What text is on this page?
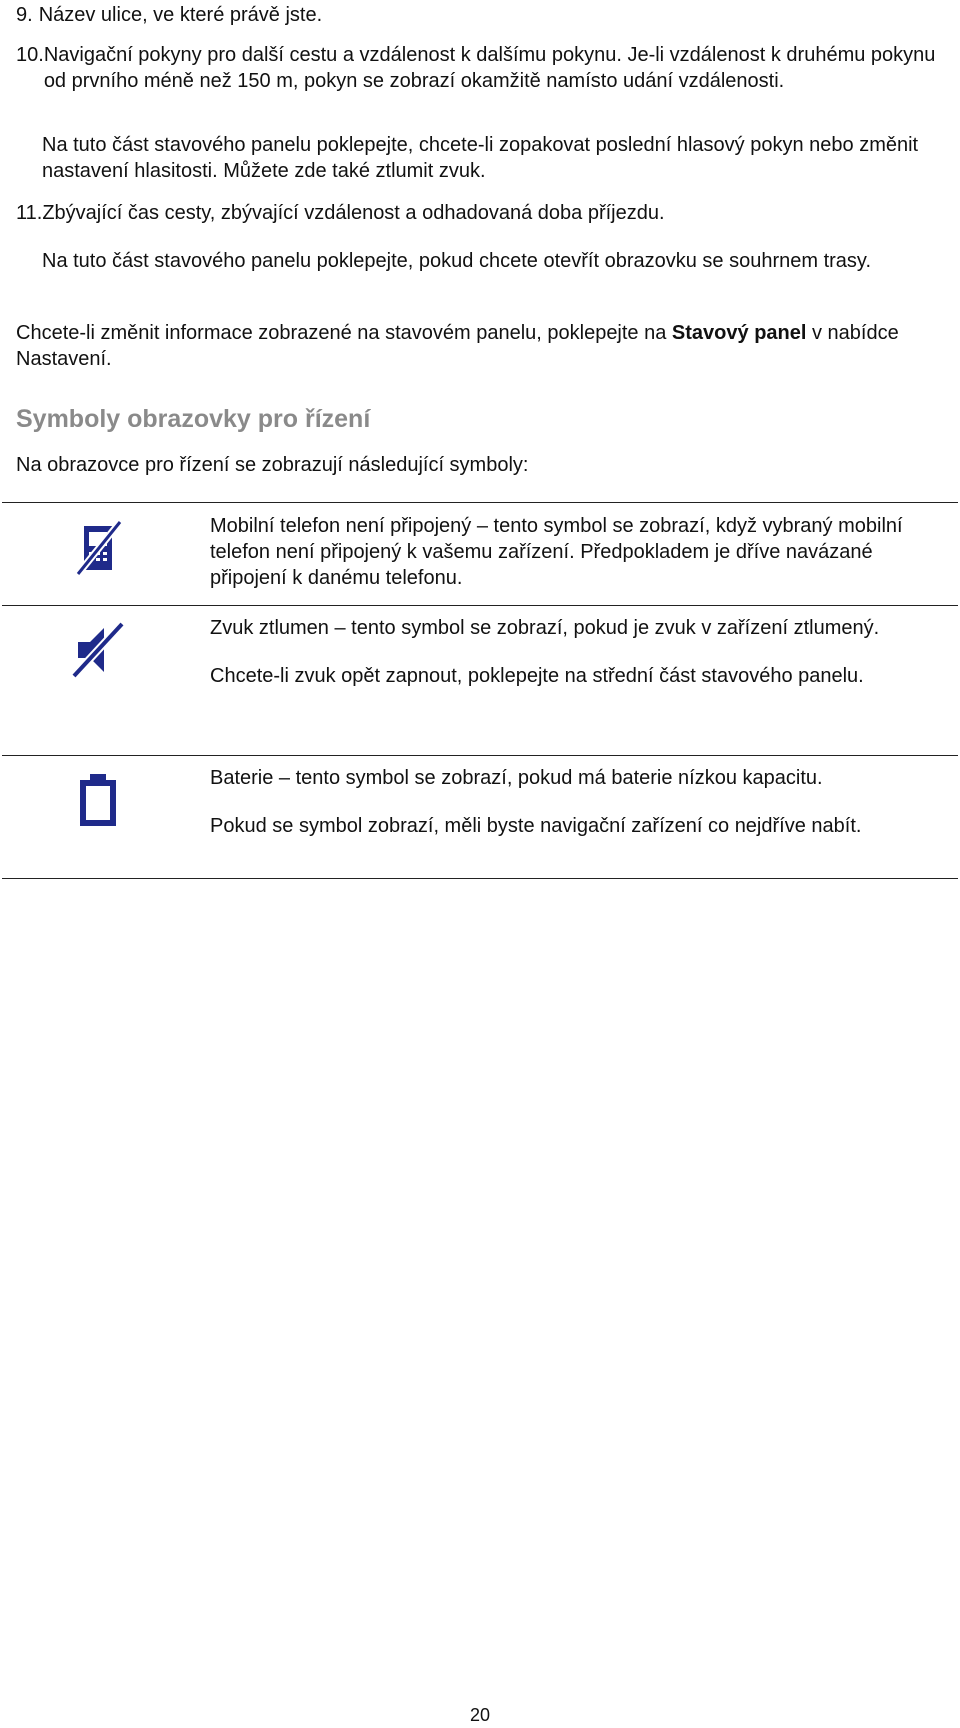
9. Název ulice, ve které právě jste.
10. Navigační pokyny pro další cestu a vzdálenost k dalšímu pokynu. Je-li vzdálenost k druhému pokynu od prvního méně než 150 m, pokyn se zobrazí okamžitě namísto udání vzdálenosti.

Na tuto část stavového panelu poklepejte, chcete-li zopakovat poslední hlasový pokyn nebo změnit nastavení hlasitosti. Můžete zde také ztlumit zvuk.

11. Zbývající čas cesty, zbývající vzdálenost a odhadovaná doba příjezdu.

Na tuto část stavového panelu poklepejte, pokud chcete otevřít obrazovku se souhrnem trasy.

Chcete-li změnit informace zobrazené na stavovém panelu, poklepejte na Stavový panel v nabídce Nastavení.

Symboly obrazovky pro řízení
Na obrazovce pro řízení se zobrazují následující symboly:

Mobilní telefon není připojený – tento symbol se zobrazí, když vybraný mobilní telefon není připojený k vašemu zařízení. Předpokladem je dříve navázané připojení k danému telefonu.

Zvuk ztlumen – tento symbol se zobrazí, pokud je zvuk v zařízení ztlumený.

Chcete-li zvuk opět zapnout, poklepejte na střední část stavového panelu.

Baterie – tento symbol se zobrazí, pokud má baterie nízkou kapacitu.

Pokud se symbol zobrazí, měli byste navigační zařízení co nejdříve nabít.

20
